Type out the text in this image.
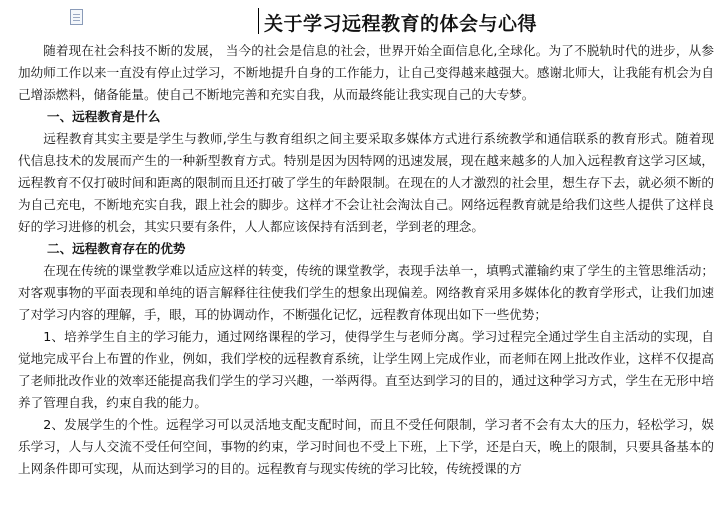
关于学习远程教育的体会与心得

随着现在社会科技不断的发展， 当今的社会是信息的社会，世界开始全面信息化,全球化。为了不脱轨时代的进步，从参加幼师工作以来一直没有停止过学习，不断地提升自身的工作能力，让自己变得越来越强大。感谢北师大，让我能有机会为自己增添燃料，储备能量。使自己不断地完善和充实自我，从而最终能让我实现自己的大专梦。

一、远程教育是什么

远程教育其实主要是学生与教师,学生与教育组织之间主要采取多媒体方式进行系统教学和通信联系的教育形式。随着现代信息技术的发展而产生的一种新型教育方式。特别是因为因特网的迅速发展，现在越来越多的人加入远程教育这学习区域，远程教育不仅打破时间和距离的限制而且还打破了学生的年龄限制。在现在的人才激烈的社会里，想生存下去，就必须不断的为自己充电，不断地充实自我，跟上社会的脚步。这样才不会让社会淘汰自己。网络远程教育就是给我们这些人提供了这样良好的学习进修的机会，其实只要有条件，人人都应该保持有活到老，学到老的理念。

二、远程教育存在的优势

在现在传统的课堂教学难以适应这样的转变，传统的课堂教学，表现手法单一，填鸭式灌输约束了学生的主管思维活动；对客观事物的平面表现和单纯的语言解释往往使我们学生的想象出现偏差。网络教育采用多媒体化的教育学形式，让我们加速了对学习内容的理解，手，眼，耳的协调动作，不断强化记忆，远程教育体现出如下一些优势；

1、培养学生自主的学习能力，通过网络课程的学习，使得学生与老师分离。学习过程完全通过学生自主活动的实现，自觉地完成平台上布置的作业，例如，我们学校的远程教育系统，让学生网上完成作业，而老师在网上批改作业，这样不仅提高了老师批改作业的效率还能提高我们学生的学习兴趣，一举两得。直至达到学习的目的，通过这种学习方式，学生在无形中培养了管理自我，约束自我的能力。

2、发展学生的个性。远程学习可以灵活地支配支配时间，而且不受任何限制，学习者不会有太大的压力，轻松学习，娱乐学习，人与人交流不受任何空间，事物的约束，学习时间也不受上下班，上下学，还是白天，晚上的限制，只要具备基本的上网条件即可实现，从而达到学习的目的。远程教育与现实传统的学习比较，传统授课的方
